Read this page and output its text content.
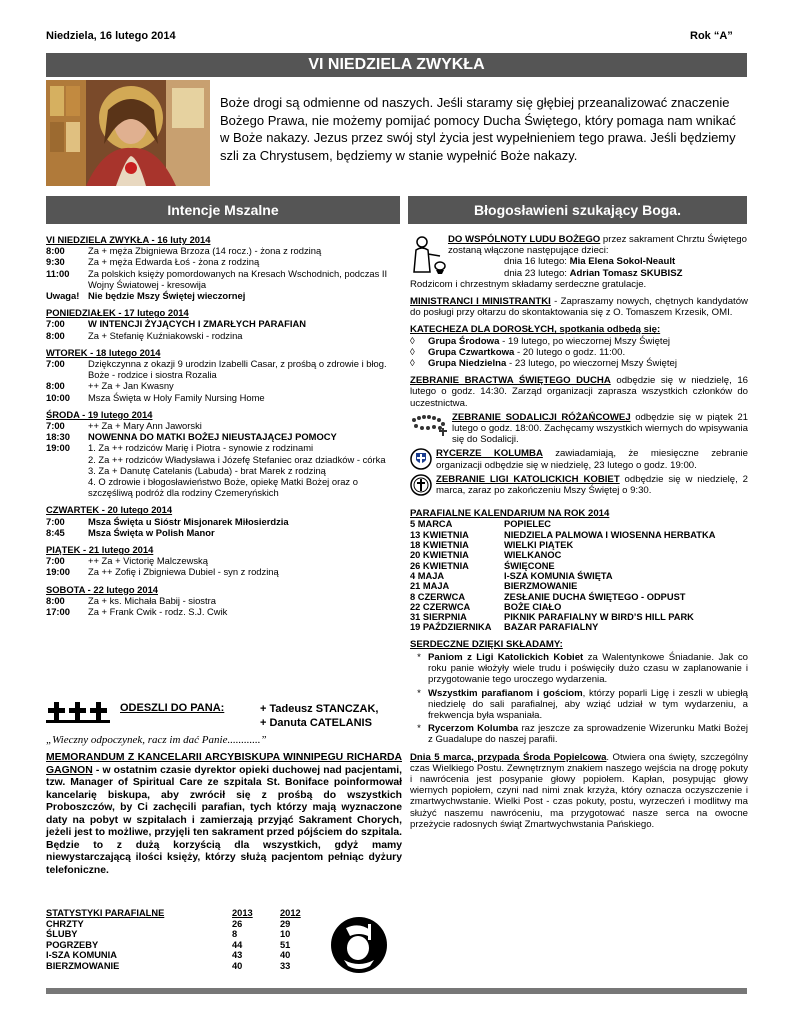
Niedziela, 16 lutego 2014	Rok “A”
VI NIEDZIELA ZWYKŁA
Boże drogi są odmienne od naszych. Jeśli staramy się głębiej przeanalizować znaczenie Bożego Prawa, nie możemy pomijać pomocy Ducha Świętego, który pomaga nam wnikać w Boże nakazy. Jezus przez swój styl życia jest wypełnieniem tego prawa. Jeśli będziemy szli za Chrystusem, będziemy w stanie wypełnić Boże nakazy.
Intencje Mszalne	Błogosławieni szukający Boga.
VI NIEDZIELA ZWYKŁA - 16 luty 2014
8:00	Za + męża Zbigniewa Brzoza (14 rocz.) - żona z rodziną
9:30	Za + męża Edwarda Łoś - żona z rodziną
11:00	Za polskich księży pomordowanych na Kresach Wschodnich, podczas II Wojny Światowej - kresowija
Uwaga! Nie będzie Mszy Świętej wieczornej
PONIEDZIAŁEK - 17 lutego 2014
7:00	W INTENCJI ŻYJĄCYCH I ZMARŁYCH PARAFIAN
8:00	Za + Stefanię Kuźniakowski - rodzina
WTOREK - 18 lutego 2014
7:00	Dziękczynna z okazji 9 urodzin Izabelli Casar, z prośbą o zdrowie i błog. Boże - rodzice i siostra Rozalia
8:00	++ Za + Jan Kwasny
10:00	Msza Święta w Holy Family Nursing Home
ŚRODA - 19 lutego 2014
7:00	++ Za + Mary Ann Jaworski
18:30	NOWENNA DO MATKI BOŻEJ NIEUSTAJĄCEJ POMOCY
19:00	1. Za ++ rodziców Marię i Piotra - synowie z rodzinami
2. Za ++ rodziców Władysława i Józefę Stefaniec oraz dziadków - córka
3. Za + Danutę Catelanis (Labuda) - brat Marek z rodziną
4. O zdrowie i błogosławieństwo Boże, opiekę Matki Bożej oraz o szczęśliwą podróż dla rodziny Czemeryńskich
CZWARTEK - 20 lutego 2014
7:00	Msza Święta u Sióstr Misjonarek Miłosierdzia
8:45	Msza Święta w Polish Manor
PIĄTEK - 21 lutego 2014
7:00	++ Za + Victorię Malczewską
19:00	Za ++ Zofię i Zbigniewa Dubiel - syn z rodziną
SOBOTA - 22 lutego 2014
8:00	Za + ks. Michała Babij - siostra
17:00	Za + Frank Cwik - rodz. S.J. Cwik
ODESZLI DO PANA:	+ Tadeusz STANCZAK,
+ Danuta CATELANIS
„Wieczny odpoczynek, racz im dać Panie............”
MEMORANDUM Z KANCELARII ARCYBISKUPA WINNIPEGU RICHARDA GAGNON - w ostatnim czasie dyrektor opieki duchowej nad pacjentami, tzw. Manager of Spiritual Care ze szpitala St. Boniface poinformował kancelarię biskupa, aby zwrócił się z prośbą do wszystkich Proboszczów, by Ci zachęcili parafian, tych którzy mają wyznaczone daty na pobyt w szpitalach i zamierzają przyjąć Sakrament Chorych, jeżeli jest to możliwe, przyjęli ten sakrament przed pójściem do szpitala. Będzie to z dużą korzyścią dla wszystkich, gdyż mamy niewystarczającą ilości księży, którzy służą pacjentom pełniąc dyżury telefoniczne.
STATYSTYKI PARAFIALNE	2013	2012
CHRZTY	26	29
ŚLUBY	8	10
POGRZEBY	44	51
I-SZA KOMUNIA	43	40
BIERZMOWANIE	40	33
DO WSPÓLNOTY LUDU BOŻEGO przez sakrament Chrztu Świętego zostaną włączone następujące dzieci:
dnia 16 lutego: Mia Elena Sokol-Neault
dnia 23 lutego: Adrian Tomasz SKUBISZ
Rodzicom i chrzestnym składamy serdeczne gratulacje.
MINISTRANCI I MINISTRANTKI - Zapraszamy nowych, chętnych kandydatów do posługi przy ołtarzu do skontaktowania się z O. Tomaszem Krzesik, OMI.
KATECHEZA DLA DOROSŁYCH, spotkania odbędą się:
◊	Grupa Środowa - 19 lutego, po wieczornej Mszy Świętej
◊	Grupa Czwartkowa - 20 lutego o godz. 11:00.
◊	Grupa Niedzielna - 23 lutego, po wieczornej Mszy Świętej
ZEBRANIE BRACTWA ŚWIĘTEGO DUCHA odbędzie się w niedzielę, 16 lutego o godz. 14:30. Zarząd organizacji zaprasza wszystkich członków do uczestnictwa.
ZEBRANIE SODALICJI RÓŻAŃCOWEJ odbędzie się w piątek 21 lutego o godz. 18:00. Zachęcamy wszystkich wiernych do wpisywania się do Sodalicji.
RYCERZE KOLUMBA zawiadamiają, że miesięczne zebranie organizacji odbędzie się w niedzielę, 23 lutego o godz. 19:00.
ZEBRANIE LIGI KATOLICKICH KOBIET odbędzie się w niedzielę, 2 marca, zaraz po zakończeniu Mszy Świętej o 9:30.
PARAFIALNE KALENDARIUM NA ROK 2014
5 MARCA	POPIELEC
13 KWIETNIA	NIEDZIELA PALMOWA I WIOSENNA HERBATKA
18 KWIETNIA	WIELKI PIĄTEK
20 KWIETNIA	WIELKANOC
26 KWIETNIA	ŚWIĘCONE
4 MAJA	I-SZA KOMUNIA ŚWIĘTA
21 MAJA	BIERZMOWANIE
8 CZERWCA	ZESŁANIE DUCHA ŚWIĘTEGO - ODPUST
22 CZERWCA	BOŻE CIAŁO
31 SIERPNIA	PIKNIK PARAFIALNY W BIRD’S HILL PARK
19 PAŹDZIERNIKA	BAZAR PARAFIALNY
SERDECZNE DZIĘKI SKŁADAMY:
* Paniom z Ligi Katolickich Kobiet za Walentynkowe Śniadanie. Jak co roku panie włożyły wiele trudu i poświęciły dużo czasu w zaplanowanie i przygotowanie tego uroczego wydarzenia.
* Wszystkim parafianom i gościom, którzy poparli Ligę i zeszli w ubiegłą niedzielę do sali parafialnej, aby wziąć udział w tym wydarzeniu, a frekwencja była wspaniała.
* Rycerzom Kolumba raz jeszcze za sprowadzenie Wizerunku Matki Bożej z Guadalupe do naszej parafii.
Dnia 5 marca, przypada Środa Popielcowa. Otwiera ona święty, szczególny czas Wielkiego Postu. Zewnętrznym znakiem naszego wejścia na drogę pokuty i nawrócenia jest posypanie głowy popiołem. Kapłan, posypując głowy wiernych popiołem, czyni nad nimi znak krzyża, który oznacza oczyszczenie i zmartwychwstanie. Wielki Post - czas pokuty, postu, wyrzeczeń i modlitwy ma służyć naszemu nawróceniu, ma przygotować nasze serca na owocne przeżycie radosnych świąt Zmartwychwstania Pańskiego.
